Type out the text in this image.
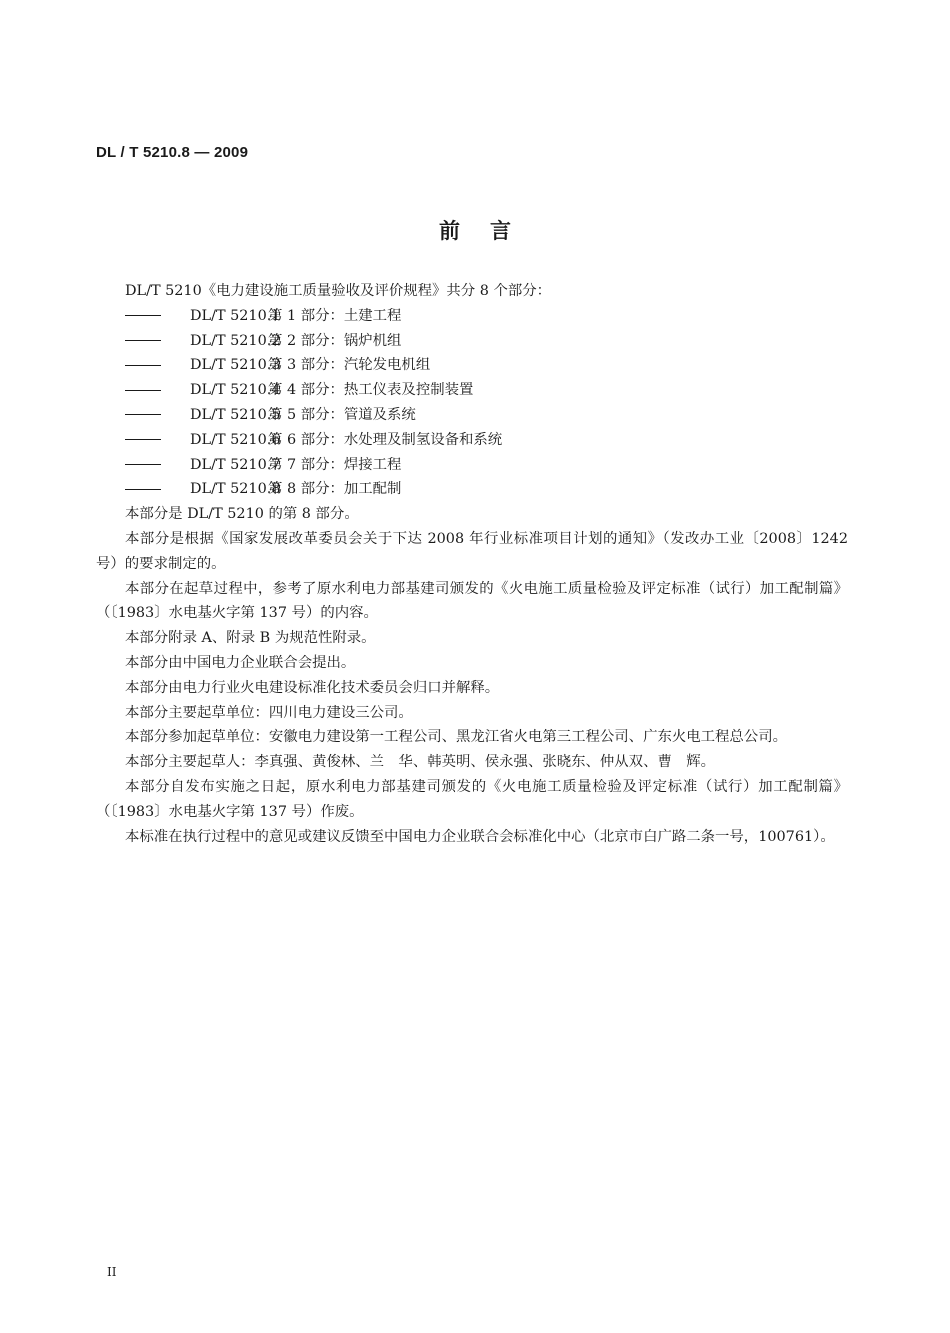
DL / T 5210.8 — 2009
前言

DL/T 5210《电力建设施工质量验收及评价规程》共分 8 个部分：

DL/T 5210.1第 1 部分：土建工程
DL/T 5210.2第 2 部分：锅炉机组
DL/T 5210.3第 3 部分：汽轮发电机组
DL/T 5210.4第 4 部分：热工仪表及控制装置
DL/T 5210.5第 5 部分：管道及系统
DL/T 5210.6第 6 部分：水处理及制氢设备和系统
DL/T 5210.7第 7 部分：焊接工程
DL/T 5210.8第 8 部分：加工配制

本部分是 DL/T 5210 的第 8 部分。

本部分是根据《国家发展改革委员会关于下达 2008 年行业标准项目计划的通知》（发改办工业〔2008〕1242 号）的要求制定的。

本部分在起草过程中，参考了原水利电力部基建司颁发的《火电施工质量检验及评定标准（试行）加工配制篇》（〔1983〕水电基火字第 137 号）的内容。

本部分附录 A、附录 B 为规范性附录。

本部分由中国电力企业联合会提出。

本部分由电力行业火电建设标准化技术委员会归口并解释。

本部分主要起草单位：四川电力建设三公司。

本部分参加起草单位：安徽电力建设第一工程公司、黑龙江省火电第三工程公司、广东火电工程总公司。

本部分主要起草人：李真强、黄俊林、兰　华、韩英明、侯永强、张晓东、仲从双、曹　辉。

本部分自发布实施之日起，原水利电力部基建司颁发的《火电施工质量检验及评定标准（试行）加工配制篇》（〔1983〕水电基火字第 137 号）作废。

本标准在执行过程中的意见或建议反馈至中国电力企业联合会标准化中心（北京市白广路二条一号，100761）。

II
